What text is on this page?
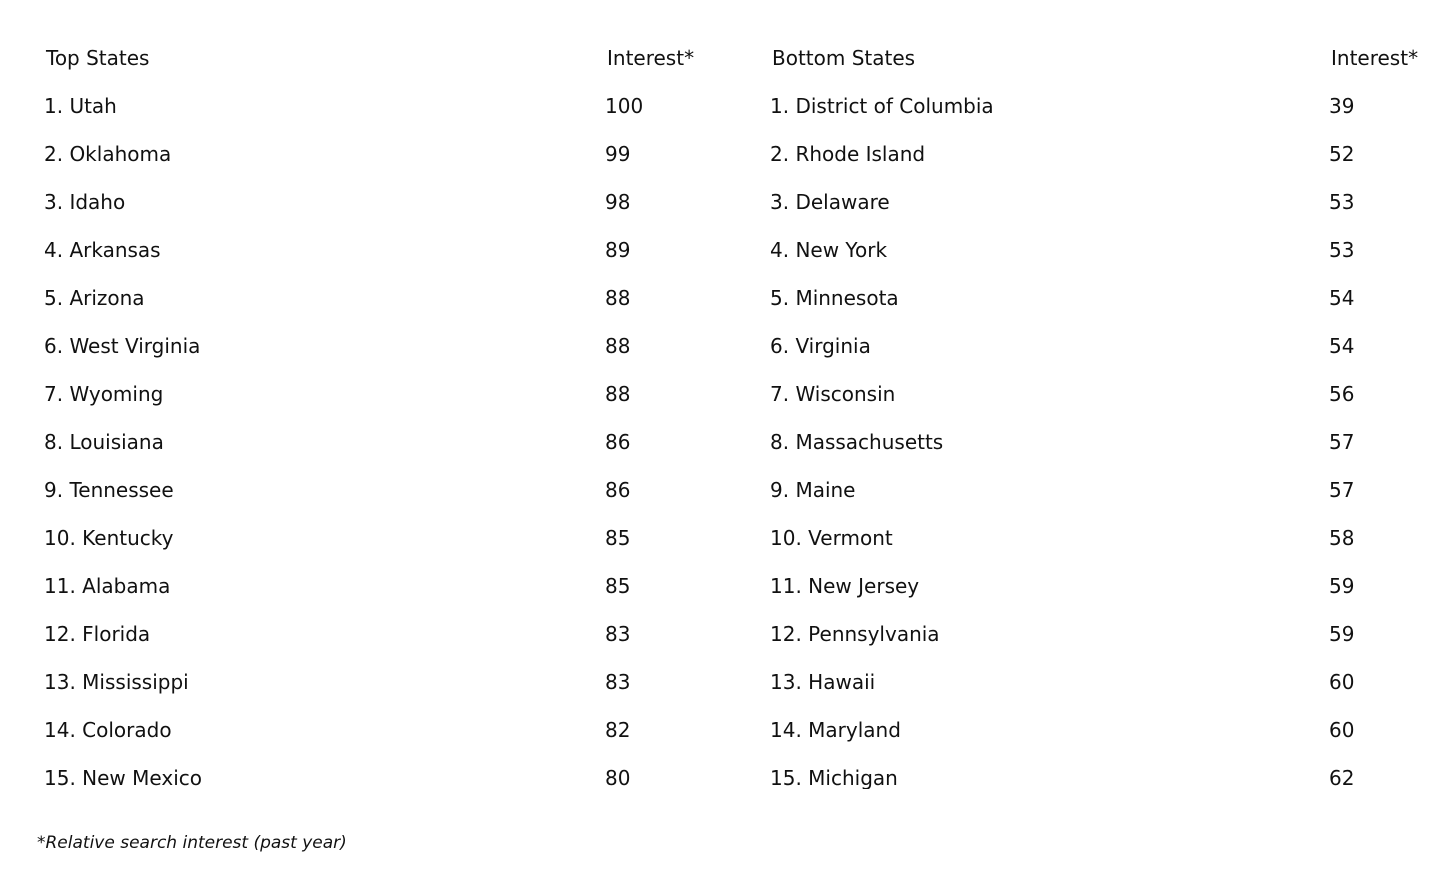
Top States	Interest*
1. Utah	100
2. Oklahoma	99
3. Idaho	98
4. Arkansas	89
5. Arizona	88
6. West Virginia	88
7. Wyoming	88
8. Louisiana	86
9. Tennessee	86
10. Kentucky	85
11. Alabama	85
12. Florida	83
13. Mississippi	83
14. Colorado	82
15. New Mexico	80
Bottom States	Interest*
1. District of Columbia	39
2. Rhode Island	52
3. Delaware	53
4. New York	53
5. Minnesota	54
6. Virginia	54
7. Wisconsin	56
8. Massachusetts	57
9. Maine	57
10. Vermont	58
11. New Jersey	59
12. Pennsylvania	59
13. Hawaii	60
14. Maryland	60
15. Michigan	62
*Relative search interest (past year)
